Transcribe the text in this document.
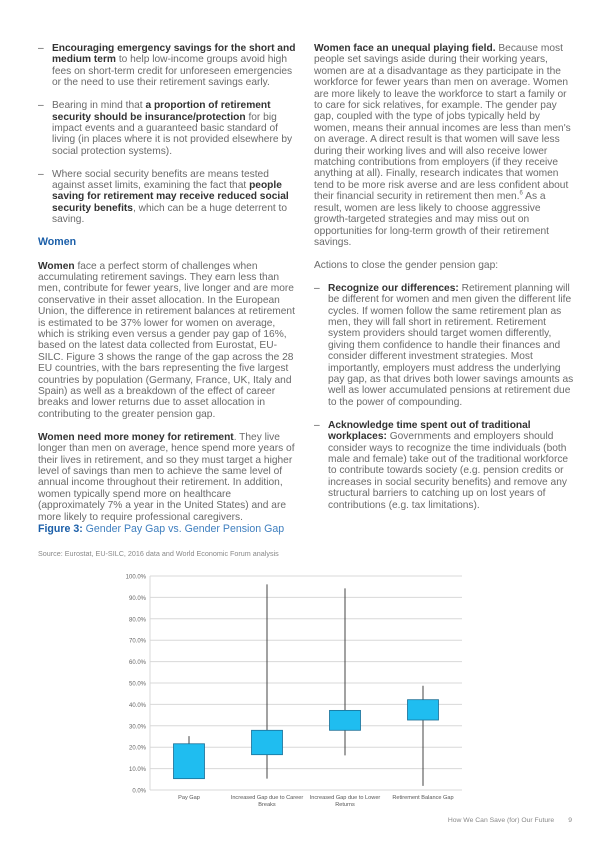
– Encouraging emergency savings for the short and medium term to help low-income groups avoid high fees on short-term credit for unforeseen emergencies or the need to use their retirement savings early.
– Bearing in mind that a proportion of retirement security should be insurance/protection for big impact events and a guaranteed basic standard of living (in places where it is not provided elsewhere by social protection systems).
– Where social security benefits are means tested against asset limits, examining the fact that people saving for retirement may receive reduced social security benefits, which can be a huge deterrent to saving.
Women

Women face a perfect storm of challenges when accumulating retirement savings. They earn less than men, contribute for fewer years, live longer and are more conservative in their asset allocation. In the European Union, the difference in retirement balances at retirement is estimated to be 37% lower for women on average, which is striking even versus a gender pay gap of 16%, based on the latest data collected from Eurostat, EU-SILC. Figure 3 shows the range of the gap across the 28 EU countries, with the bars representing the five largest countries by population (Germany, France, UK, Italy and Spain) as well as a breakdown of the effect of career breaks and lower returns due to asset allocation in contributing to the greater pension gap.

Women need more money for retirement. They live longer than men on average, hence spend more years of their lives in retirement, and so they must target a higher level of savings than men to achieve the same level of annual income throughout their retirement. In addition, women typically spend more on healthcare (approximately 7% a year in the United States) and are more likely to require professional caregivers.

Women face an unequal playing field. Because most people set savings aside during their working years, women are at a disadvantage as they participate in the workforce for fewer years than men on average. Women are more likely to leave the workforce to start a family or to care for sick relatives, for example. The gender pay gap, coupled with the type of jobs typically held by women, means their annual incomes are less than men's on average. A direct result is that women will save less during their working lives and will also receive lower matching contributions from employers (if they receive anything at all). Finally, research indicates that women tend to be more risk averse and are less confident about their financial security in retirement then men.$^6$ As a result, women are less likely to choose aggressive growth-targeted strategies and may miss out on opportunities for long-term growth of their retirement savings.

Actions to close the gender pension gap:

– Recognize our differences: Retirement planning will be different for women and men given the different life cycles. If women follow the same retirement plan as men, they will fall short in retirement. Retirement system providers should target women differently, giving them confidence to handle their finances and consider different investment strategies. Most importantly, employers must address the underlying pay gap, as that drives both lower savings amounts as well as lower accumulated pensions at retirement due to the power of compounding.
– Acknowledge time spent out of traditional workplaces: Governments and employers should consider ways to recognize the time individuals (both male and female) take out of the traditional workforce to contribute towards society (e.g. pension credits or increases in social security benefits) and remove any structural barriers to catching up on lost years of contributions (e.g. tax limitations).
Figure 3: Gender Pay Gap vs. Gender Pension Gap
Source: Eurostat, EU-SILC, 2016 data and World Economic Forum analysis
0.0%
10.0%
20.0%
30.0%
40.0%
50.0%
60.0%
70.0%
80.0%
90.0%
100.0%
Pay Gap	Increased Gap due to Career
Breaks
Increased Gap due to Lower
Returns
Retirement Balance Gap
How We Can Save (for) Our Future 9
